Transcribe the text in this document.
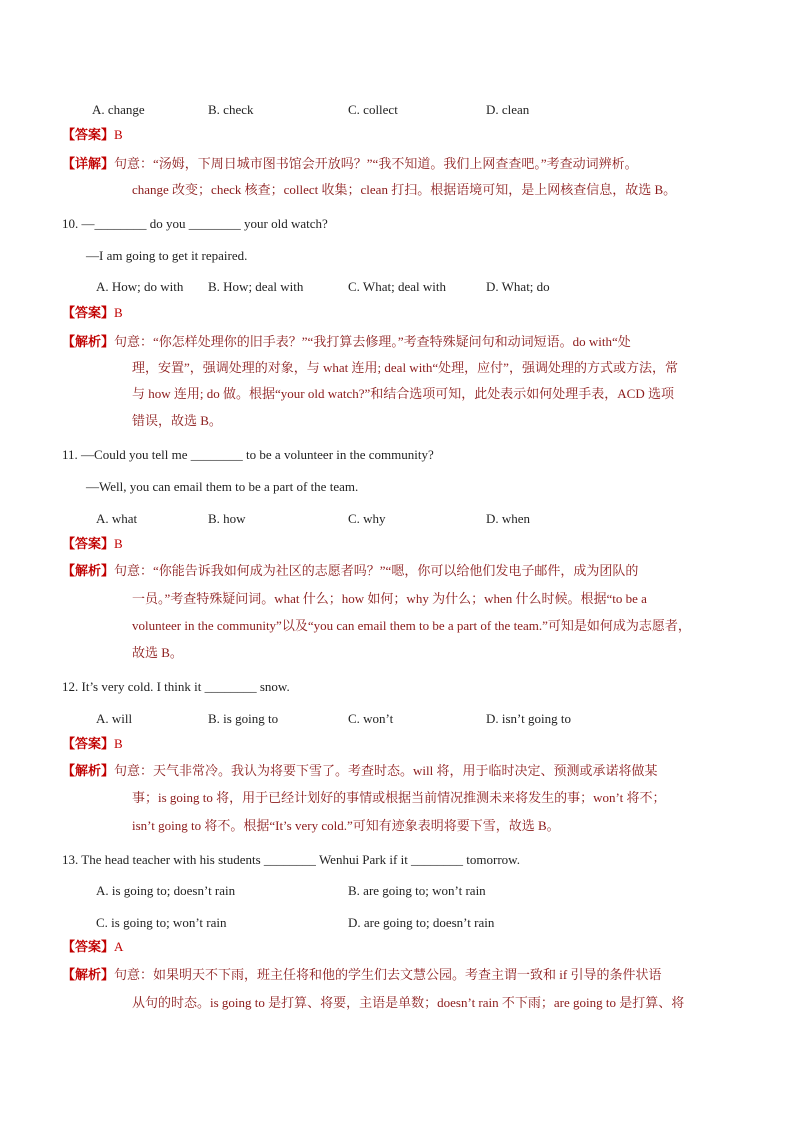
A. change	B. check	C. collect	D. clean
【答案】B
【详解】句意：“汤姆，下周日城市图书馆会开放吗？”“我不知道。我们上网查查吧。”考查动词辨析。
change 改变；check 核查；collect 收集；clean 打扫。根据语境可知，是上网核查信息，故选 B。
10. —________ do you ________ your old watch?
—I am going to get it repaired.
A. How; do with B. How; deal with	C. What; deal with	D. What; do
【答案】B
【解析】句意：“你怎样处理你的旧手表？”“我打算去修理。”考查特殊疑问句和动词短语。do with“处
理，安置”，强调处理的对象，与 what 连用; deal with“处理，应付”，强调处理的方式或方法，常
与 how 连用; do 做。根据“your old watch?”和结合选项可知，此处表示如何处理手表，ACD 选项
错误，故选 B。
11. —Could you tell me ________ to be a volunteer in the community?
—Well, you can email them to be a part of the team.
A. what	B. how	C. why	D. when
【答案】B
【解析】句意：“你能告诉我如何成为社区的志愿者吗？”“嗯，你可以给他们发电子邮件，成为团队的
一员。”考查特殊疑问词。what 什么；how 如何；why 为什么；when 什么时候。根据“to be a
volunteer in the community”以及“you can email them to be a part of the team.”可知是如何成为志愿者，
故选 B。
12. It’s very cold. I think it ________ snow.
A. will	B. is going to	C. won’t	D. isn’t going to
【答案】B
【解析】句意：天气非常冷。我认为将要下雪了。考查时态。will 将，用于临时决定、预测或承诺将做某
事；is going to 将，用于已经计划好的事情或根据当前情况推测未来将发生的事；won’t 将不；
isn’t going to 将不。根据“It’s very cold.”可知有迹象表明将要下雪，故选 B。
13. The head teacher with his students ________ Wenhui Park if it ________ tomorrow.
A. is going to; doesn’t rain	B. are going to; won’t rain
C. is going to; won’t rain	D. are going to; doesn’t rain
【答案】A
【解析】句意：如果明天不下雨，班主任将和他的学生们去文慧公园。考查主谓一致和 if 引导的条件状语
从句的时态。is going to 是打算、将要，主语是单数；doesn’t rain 不下雨；are going to 是打算、将
